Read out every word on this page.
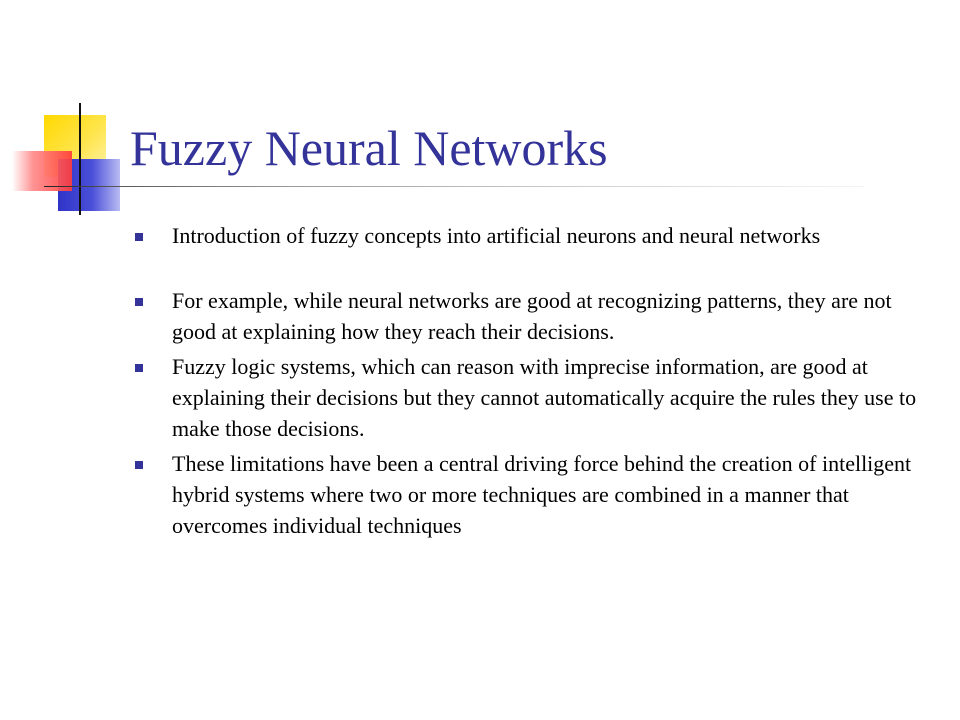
Fuzzy Neural Networks
Introduction of fuzzy concepts into artificial neurons and neural networks
For example, while neural networks are good at recognizing patterns, they are not good at explaining how they reach their decisions.
Fuzzy logic systems, which can reason with imprecise information, are good at explaining their decisions but they cannot automatically acquire the rules they use to make those decisions.
These limitations have been a central driving force behind the creation of intelligent hybrid systems where two or more techniques are combined in a manner that overcomes individual techniques
